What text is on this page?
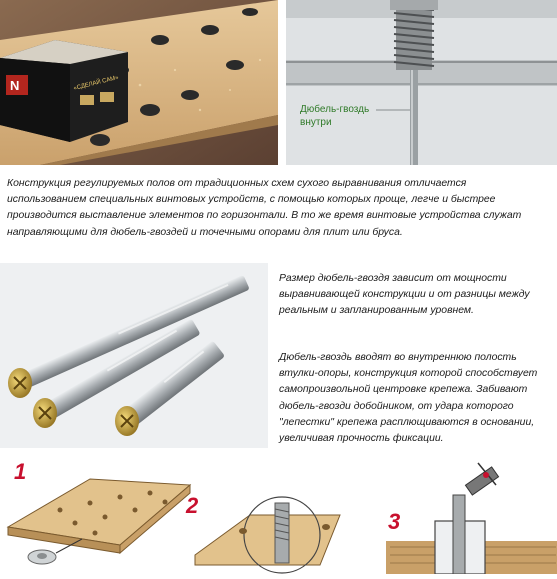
N	«СДЕЛАЙ САМ»
Дюбель-гвоздь
внутри
Конструкция регулируемых полов от традиционных схем сухого выравнивания отличается использованием специальных винтовых устройств, с помощью которых проще, легче и быстрее производится выставление элементов по горизонтали. В то же время винтовые устройства служат направляющими для дюбель-гвоздей и точечными опорами для плит или бруса.
Размер дюбель-гвоздя зависит от мощности выравнивающей конструкции и от разницы между реальным и запланированным уровнем.
Дюбель-гвоздь вводят во внутреннюю полость втулки-опоры, конструкция которой способствует самопроизвольной центровке крепежа. Забивают дюбель-гвозди добойником, от удара которого "лепестки" крепежа расплющиваются в основании, увеличивая прочность фиксации.
1
2
3
